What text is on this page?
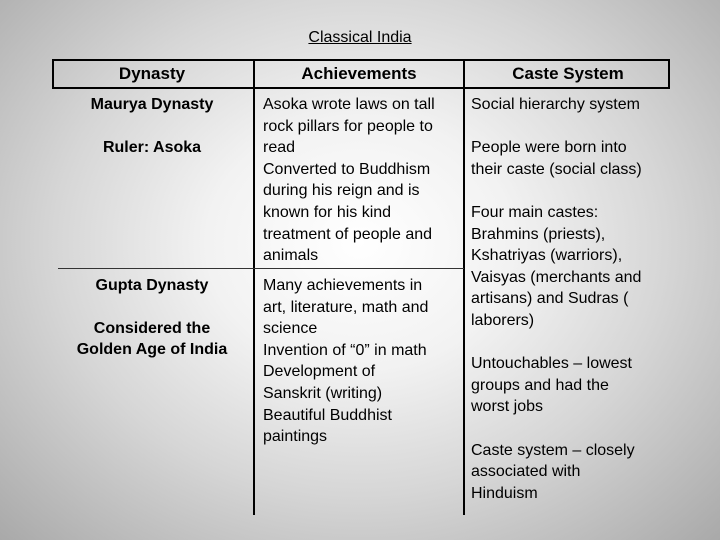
Classical India
Dynasty	Achievements	Caste System

Maurya Dynasty

Ruler: Asoka

Asoka wrote laws on tall

rock pillars for people to

read

Converted to Buddhism

during his reign and is

known for his kind

treatment of people and

animals

Gupta Dynasty

Considered the

Golden Age of India

Many achievements in

art, literature, math and

science

Invention of “0” in math

Development of

Sanskrit (writing)

Beautiful Buddhist

paintings

Social hierarchy system

People were born into

their caste (social class)

Four main castes:

Brahmins (priests),

Kshatriyas (warriors),

Vaisyas (merchants and

artisans) and Sudras (

laborers)

Untouchables – lowest

groups and had the

worst jobs

Caste system – closely

associated with

Hinduism
